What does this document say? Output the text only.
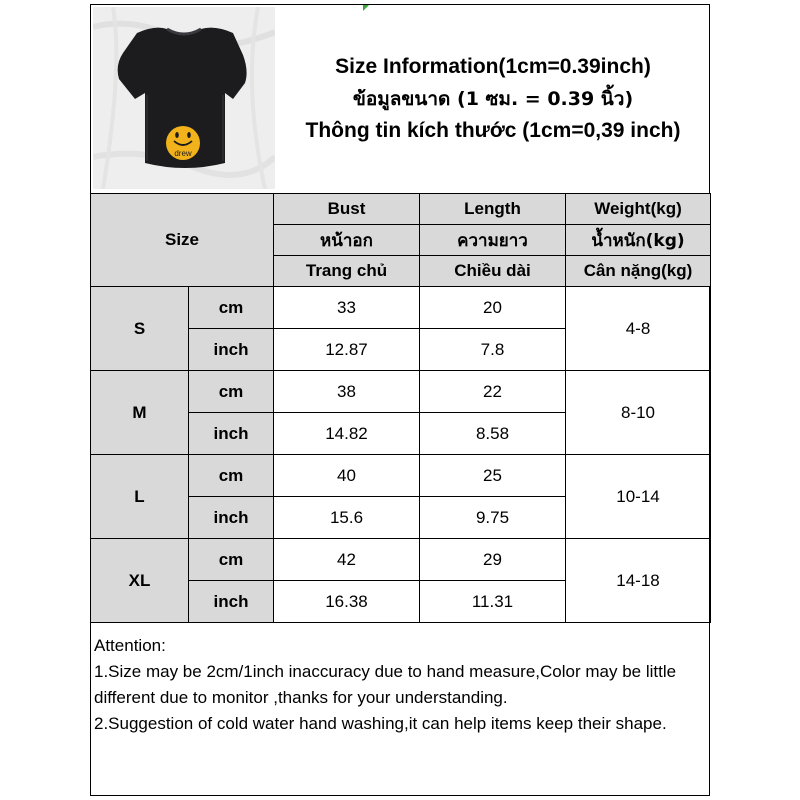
drew
Size Information(1cm=0.39inch)
ข้อมูลขนาด (1 ซม. = 0.39 นิ้ว)
Thông tin kích thước (1cm=0,39 inch)
Size		Bust	Length	Weight(kg)
		หน้าอก	ความยาว	น้ำหนัก(kg)
		Trang chủ	Chiều dài	Cân nặng(kg)
S	cm	33	20	4-8
	inch	12.87	7.8	
M	cm	38	22	8-10
	inch	14.82	8.58	
L	cm	40	25	10-14
	inch	15.6	9.75	
XL	cm	42	29	14-18
	inch	16.38	11.31	

Attention:

1.Size may be 2cm/1inch inaccuracy due to hand measure,Color may be little different due to monitor ,thanks for your understanding.

2.Suggestion of cold water hand washing,it can help items keep their shape.
